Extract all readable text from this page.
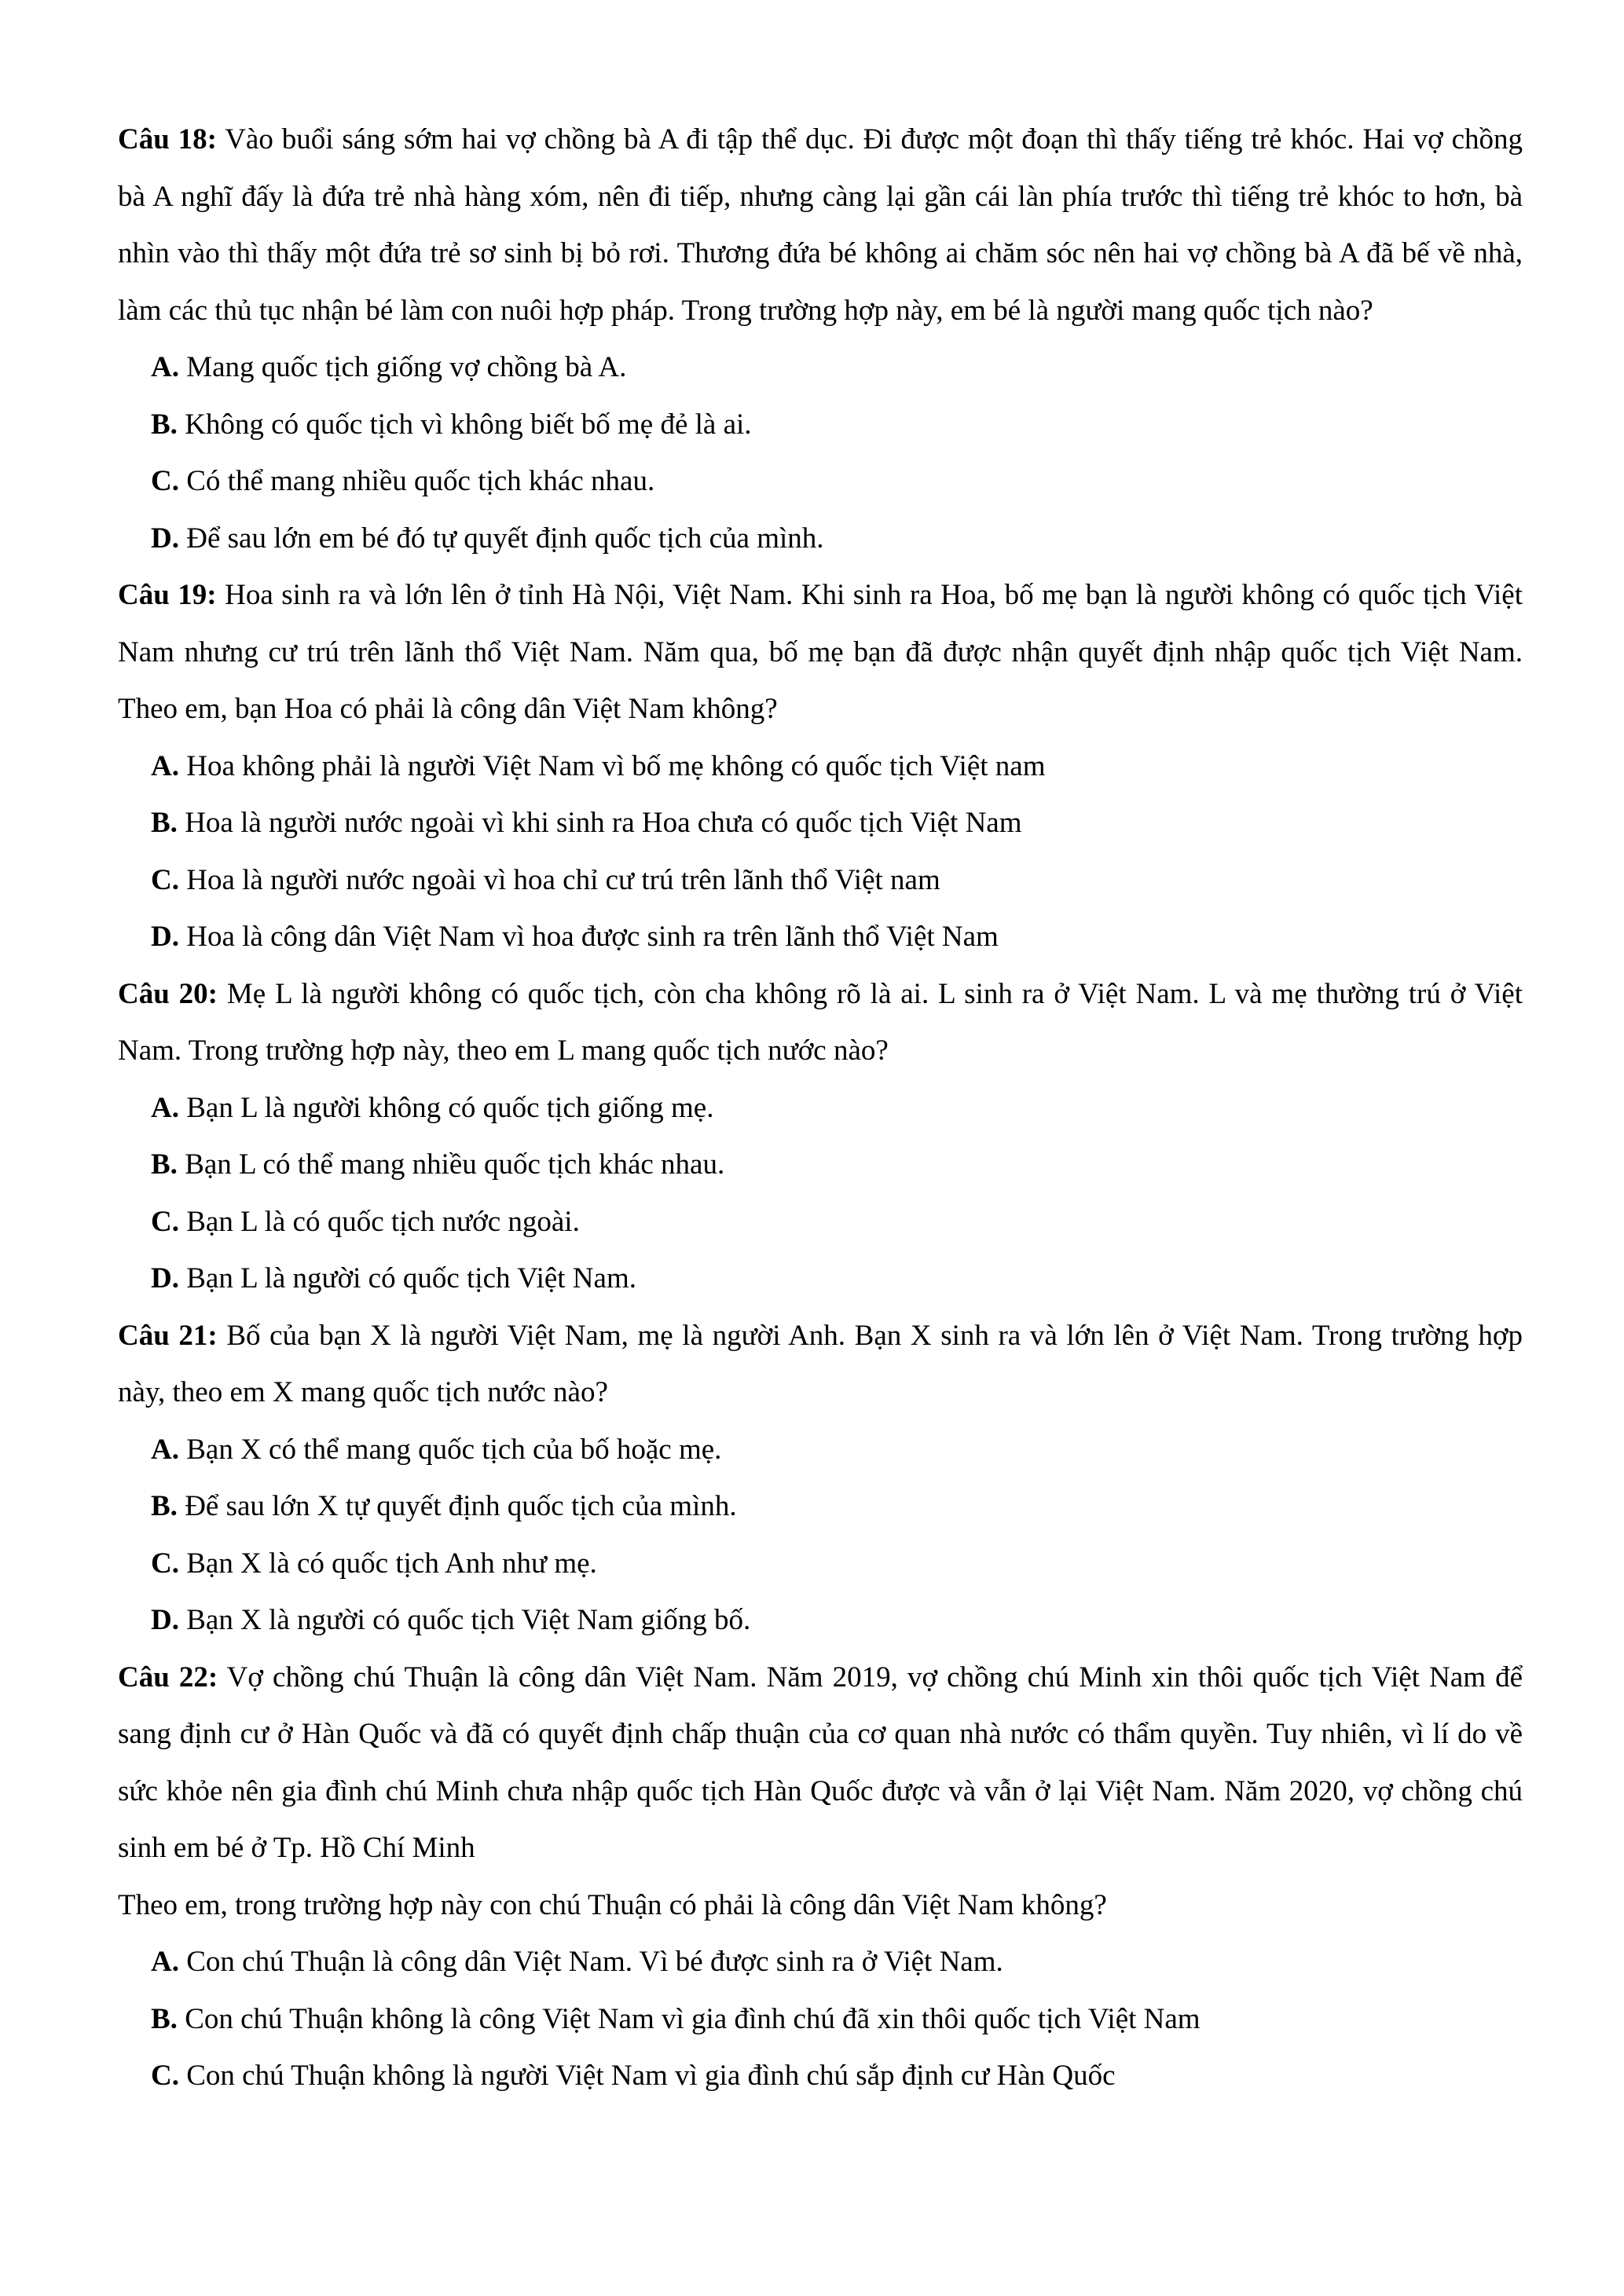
Câu 18: Vào buổi sáng sớm hai vợ chồng bà A đi tập thể dục. Đi được một đoạn thì thấy tiếng trẻ khóc. Hai vợ chồng bà A nghĩ đấy là đứa trẻ nhà hàng xóm, nên đi tiếp, nhưng càng lại gần cái làn phía trước thì tiếng trẻ khóc to hơn, bà nhìn vào thì thấy một đứa trẻ sơ sinh bị bỏ rơi. Thương đứa bé không ai chăm sóc nên hai vợ chồng bà A đã bế về nhà, làm các thủ tục nhận bé làm con nuôi hợp pháp. Trong trường hợp này, em bé là người mang quốc tịch nào?

A. Mang quốc tịch giống vợ chồng bà A.

B. Không có quốc tịch vì không biết bố mẹ đẻ là ai.

C. Có thể mang nhiều quốc tịch khác nhau.

D. Để sau lớn em bé đó tự quyết định quốc tịch của mình.

Câu 19: Hoa sinh ra và lớn lên ở tỉnh Hà Nội, Việt Nam. Khi sinh ra Hoa, bố mẹ bạn là người không có quốc tịch Việt Nam nhưng cư trú trên lãnh thổ Việt Nam. Năm qua, bố mẹ bạn đã được nhận quyết định nhập quốc tịch Việt Nam. Theo em, bạn Hoa có phải là công dân Việt Nam không?

A. Hoa không phải là người Việt Nam vì bố mẹ không có quốc tịch Việt nam

B. Hoa là người nước ngoài vì khi sinh ra Hoa chưa có quốc tịch Việt Nam

C. Hoa là người nước ngoài vì hoa chỉ cư trú trên lãnh thổ Việt nam

D. Hoa là công dân Việt Nam vì hoa được sinh ra trên lãnh thổ Việt Nam

Câu 20: Mẹ L là người không có quốc tịch, còn cha không rõ là ai. L sinh ra ở Việt Nam. L và mẹ thường trú ở Việt Nam. Trong trường hợp này, theo em L mang quốc tịch nước nào?

A. Bạn L là người không có quốc tịch giống mẹ.

B. Bạn L có thể mang nhiều quốc tịch khác nhau.

C. Bạn L là có quốc tịch nước ngoài.

D. Bạn L là người có quốc tịch Việt Nam.

Câu 21: Bố của bạn X là người Việt Nam, mẹ là người Anh. Bạn X sinh ra và lớn lên ở Việt Nam. Trong trường hợp này, theo em X mang quốc tịch nước nào?

A. Bạn X có thể mang quốc tịch của bố hoặc mẹ.

B. Để sau lớn X tự quyết định quốc tịch của mình.

C. Bạn X là có quốc tịch Anh như mẹ.

D. Bạn X là người có quốc tịch Việt Nam giống bố.

Câu 22: Vợ chồng chú Thuận là công dân Việt Nam. Năm 2019, vợ chồng chú Minh xin thôi quốc tịch Việt Nam để sang định cư ở Hàn Quốc và đã có quyết định chấp thuận của cơ quan nhà nước có thẩm quyền. Tuy nhiên, vì lí do về sức khỏe nên gia đình chú Minh chưa nhập quốc tịch Hàn Quốc được và vẫn ở lại Việt Nam. Năm 2020, vợ chồng chú sinh em bé ở Tp. Hồ Chí Minh

Theo em, trong trường hợp này con chú Thuận có phải là công dân Việt Nam không?

A. Con chú Thuận là công dân Việt Nam. Vì bé được sinh ra ở Việt Nam.

B. Con chú Thuận không là công Việt Nam vì gia đình chú đã xin thôi quốc tịch Việt Nam

C. Con chú Thuận không là người Việt Nam vì gia đình chú sắp định cư Hàn Quốc
